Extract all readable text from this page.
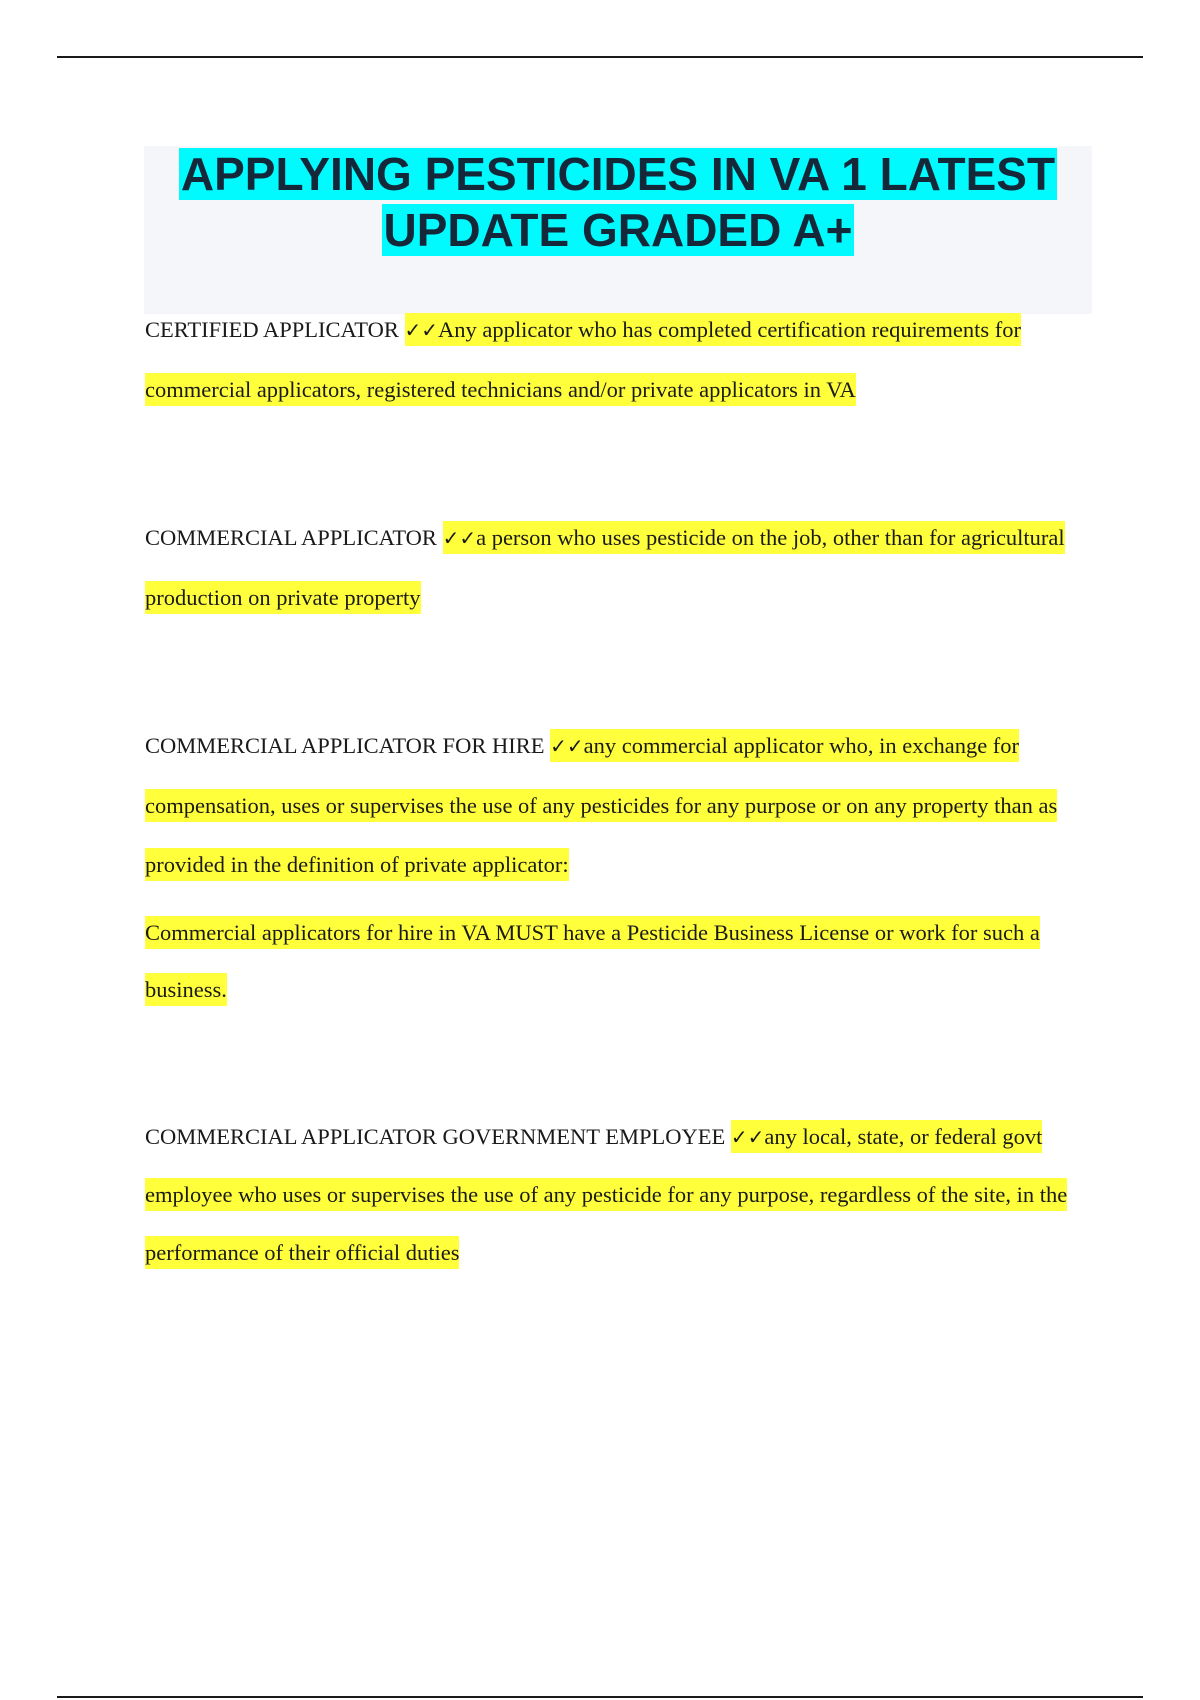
APPLYING PESTICIDES IN VA 1 LATEST
UPDATE GRADED A+
CERTIFIED APPLICATOR ✓✓Any applicator who has completed certification requirements for commercial applicators, registered technicians and/or private applicators in VA
COMMERCIAL APPLICATOR ✓✓a person who uses pesticide on the job, other than for agricultural production on private property
COMMERCIAL APPLICATOR FOR HIRE ✓✓any commercial applicator who, in exchange for compensation, uses or supervises the use of any pesticides for any purpose or on any property than as provided in the definition of private applicator:
Commercial applicators for hire in VA MUST have a Pesticide Business License or work for such a business.
COMMERCIAL APPLICATOR GOVERNMENT EMPLOYEE ✓✓any local, state, or federal govt employee who uses or supervises the use of any pesticide for any purpose, regardless of the site, in the performance of their official duties
